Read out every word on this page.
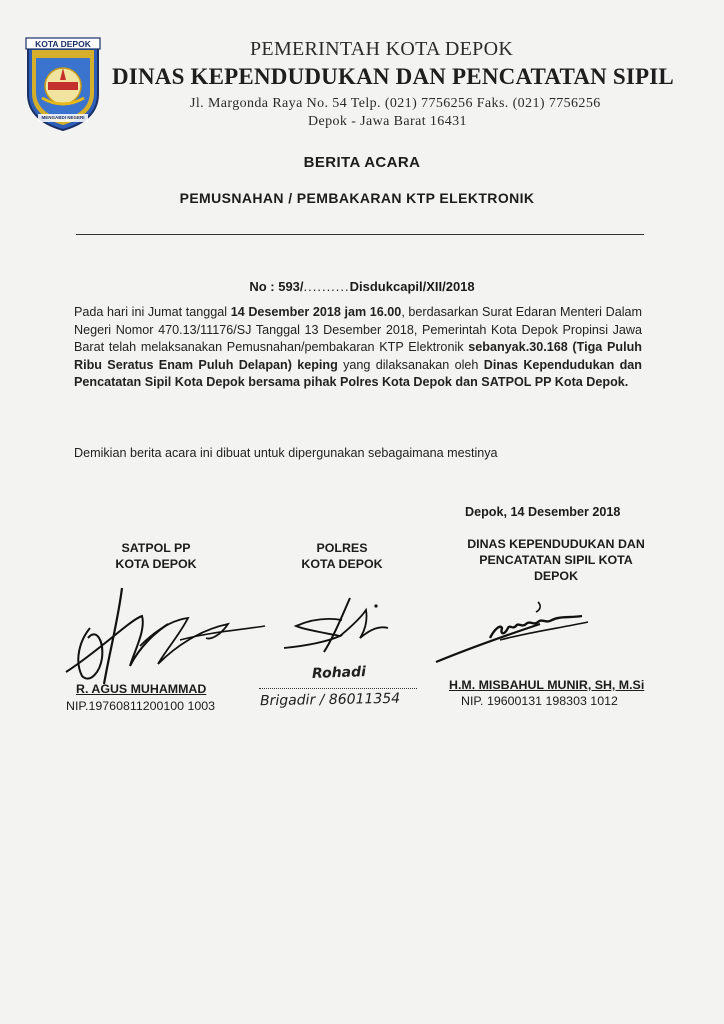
KOTA DEPOK
MENGABDI NEGERI
PEMERINTAH KOTA DEPOK
DINAS KEPENDUDUKAN DAN PENCATATAN SIPIL
Jl. Margonda Raya No. 54 Telp. (021) 7756256 Faks. (021) 7756256
Depok - Jawa Barat 16431
BERITA ACARA
PEMUSNAHAN / PEMBAKARAN KTP ELEKTRONIK
No : 593/..........Disdukcapil/XII/2018
Pada hari ini Jumat tanggal 14 Desember 2018 jam 16.00, berdasarkan Surat Edaran Menteri Dalam Negeri Nomor 470.13/11176/SJ Tanggal 13 Desember 2018, Pemerintah Kota Depok Propinsi Jawa Barat telah melaksanakan Pemusnahan/pembakaran KTP Elektronik sebanyak.30.168 (Tiga Puluh Ribu Seratus Enam Puluh Delapan) keping yang dilaksanakan oleh Dinas Kependudukan dan Pencatatan Sipil Kota Depok bersama pihak Polres Kota Depok dan SATPOL PP Kota Depok.
Demikian berita acara ini dibuat untuk dipergunakan sebagaimana mestinya
Depok, 14 Desember 2018
SATPOL PP
KOTA DEPOK
POLRES
KOTA DEPOK
DINAS KEPENDUDUKAN DAN
PENCATATAN SIPIL KOTA
DEPOK
R. AGUS MUHAMMAD
NIP.19760811200100 1003
Rohadi
Brigadir / 86011354
H.M. MISBAHUL MUNIR, SH, M.Si
NIP. 19600131 198303 1012
